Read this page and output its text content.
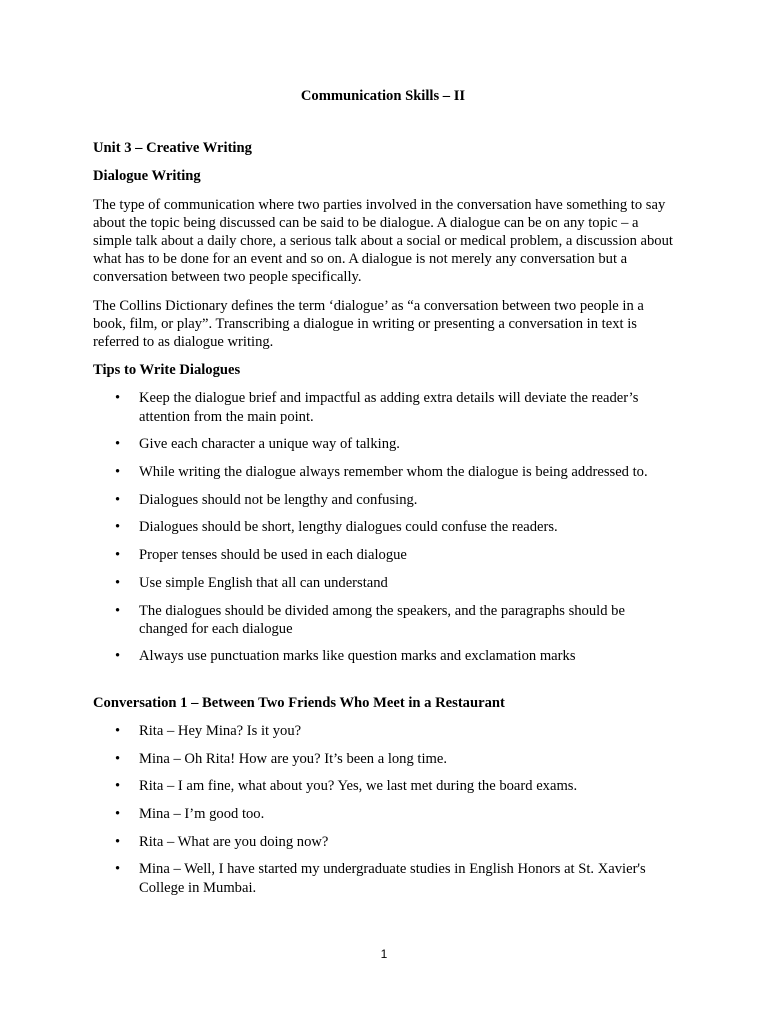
Communication Skills – II
Unit 3 – Creative Writing
Dialogue Writing

The type of communication where two parties involved in the conversation have something to say about the topic being discussed can be said to be dialogue. A dialogue can be on any topic – a simple talk about a daily chore, a serious talk about a social or medical problem, a discussion about what has to be done for an event and so on. A dialogue is not merely any conversation but a conversation between two people specifically.

The Collins Dictionary defines the term ‘dialogue’ as “a conversation between two people in a book, film, or play”. Transcribing a dialogue in writing or presenting a conversation in text is referred to as dialogue writing.

Tips to Write Dialogues
• Keep the dialogue brief and impactful as adding extra details will deviate the reader’s attention from the main point.
• Give each character a unique way of talking.
• While writing the dialogue always remember whom the dialogue is being addressed to.
• Dialogues should not be lengthy and confusing.
• Dialogues should be short, lengthy dialogues could confuse the readers.
• Proper tenses should be used in each dialogue
• Use simple English that all can understand
• The dialogues should be divided among the speakers, and the paragraphs should be changed for each dialogue
• Always use punctuation marks like question marks and exclamation marks
Conversation 1 – Between Two Friends Who Meet in a Restaurant
• Rita – Hey Mina? Is it you?
• Mina – Oh Rita! How are you? It’s been a long time.
• Rita – I am fine, what about you? Yes, we last met during the board exams.
• Mina – I’m good too.
• Rita – What are you doing now?
• Mina – Well, I have started my undergraduate studies in English Honors at St. Xavier's College in Mumbai.
1
